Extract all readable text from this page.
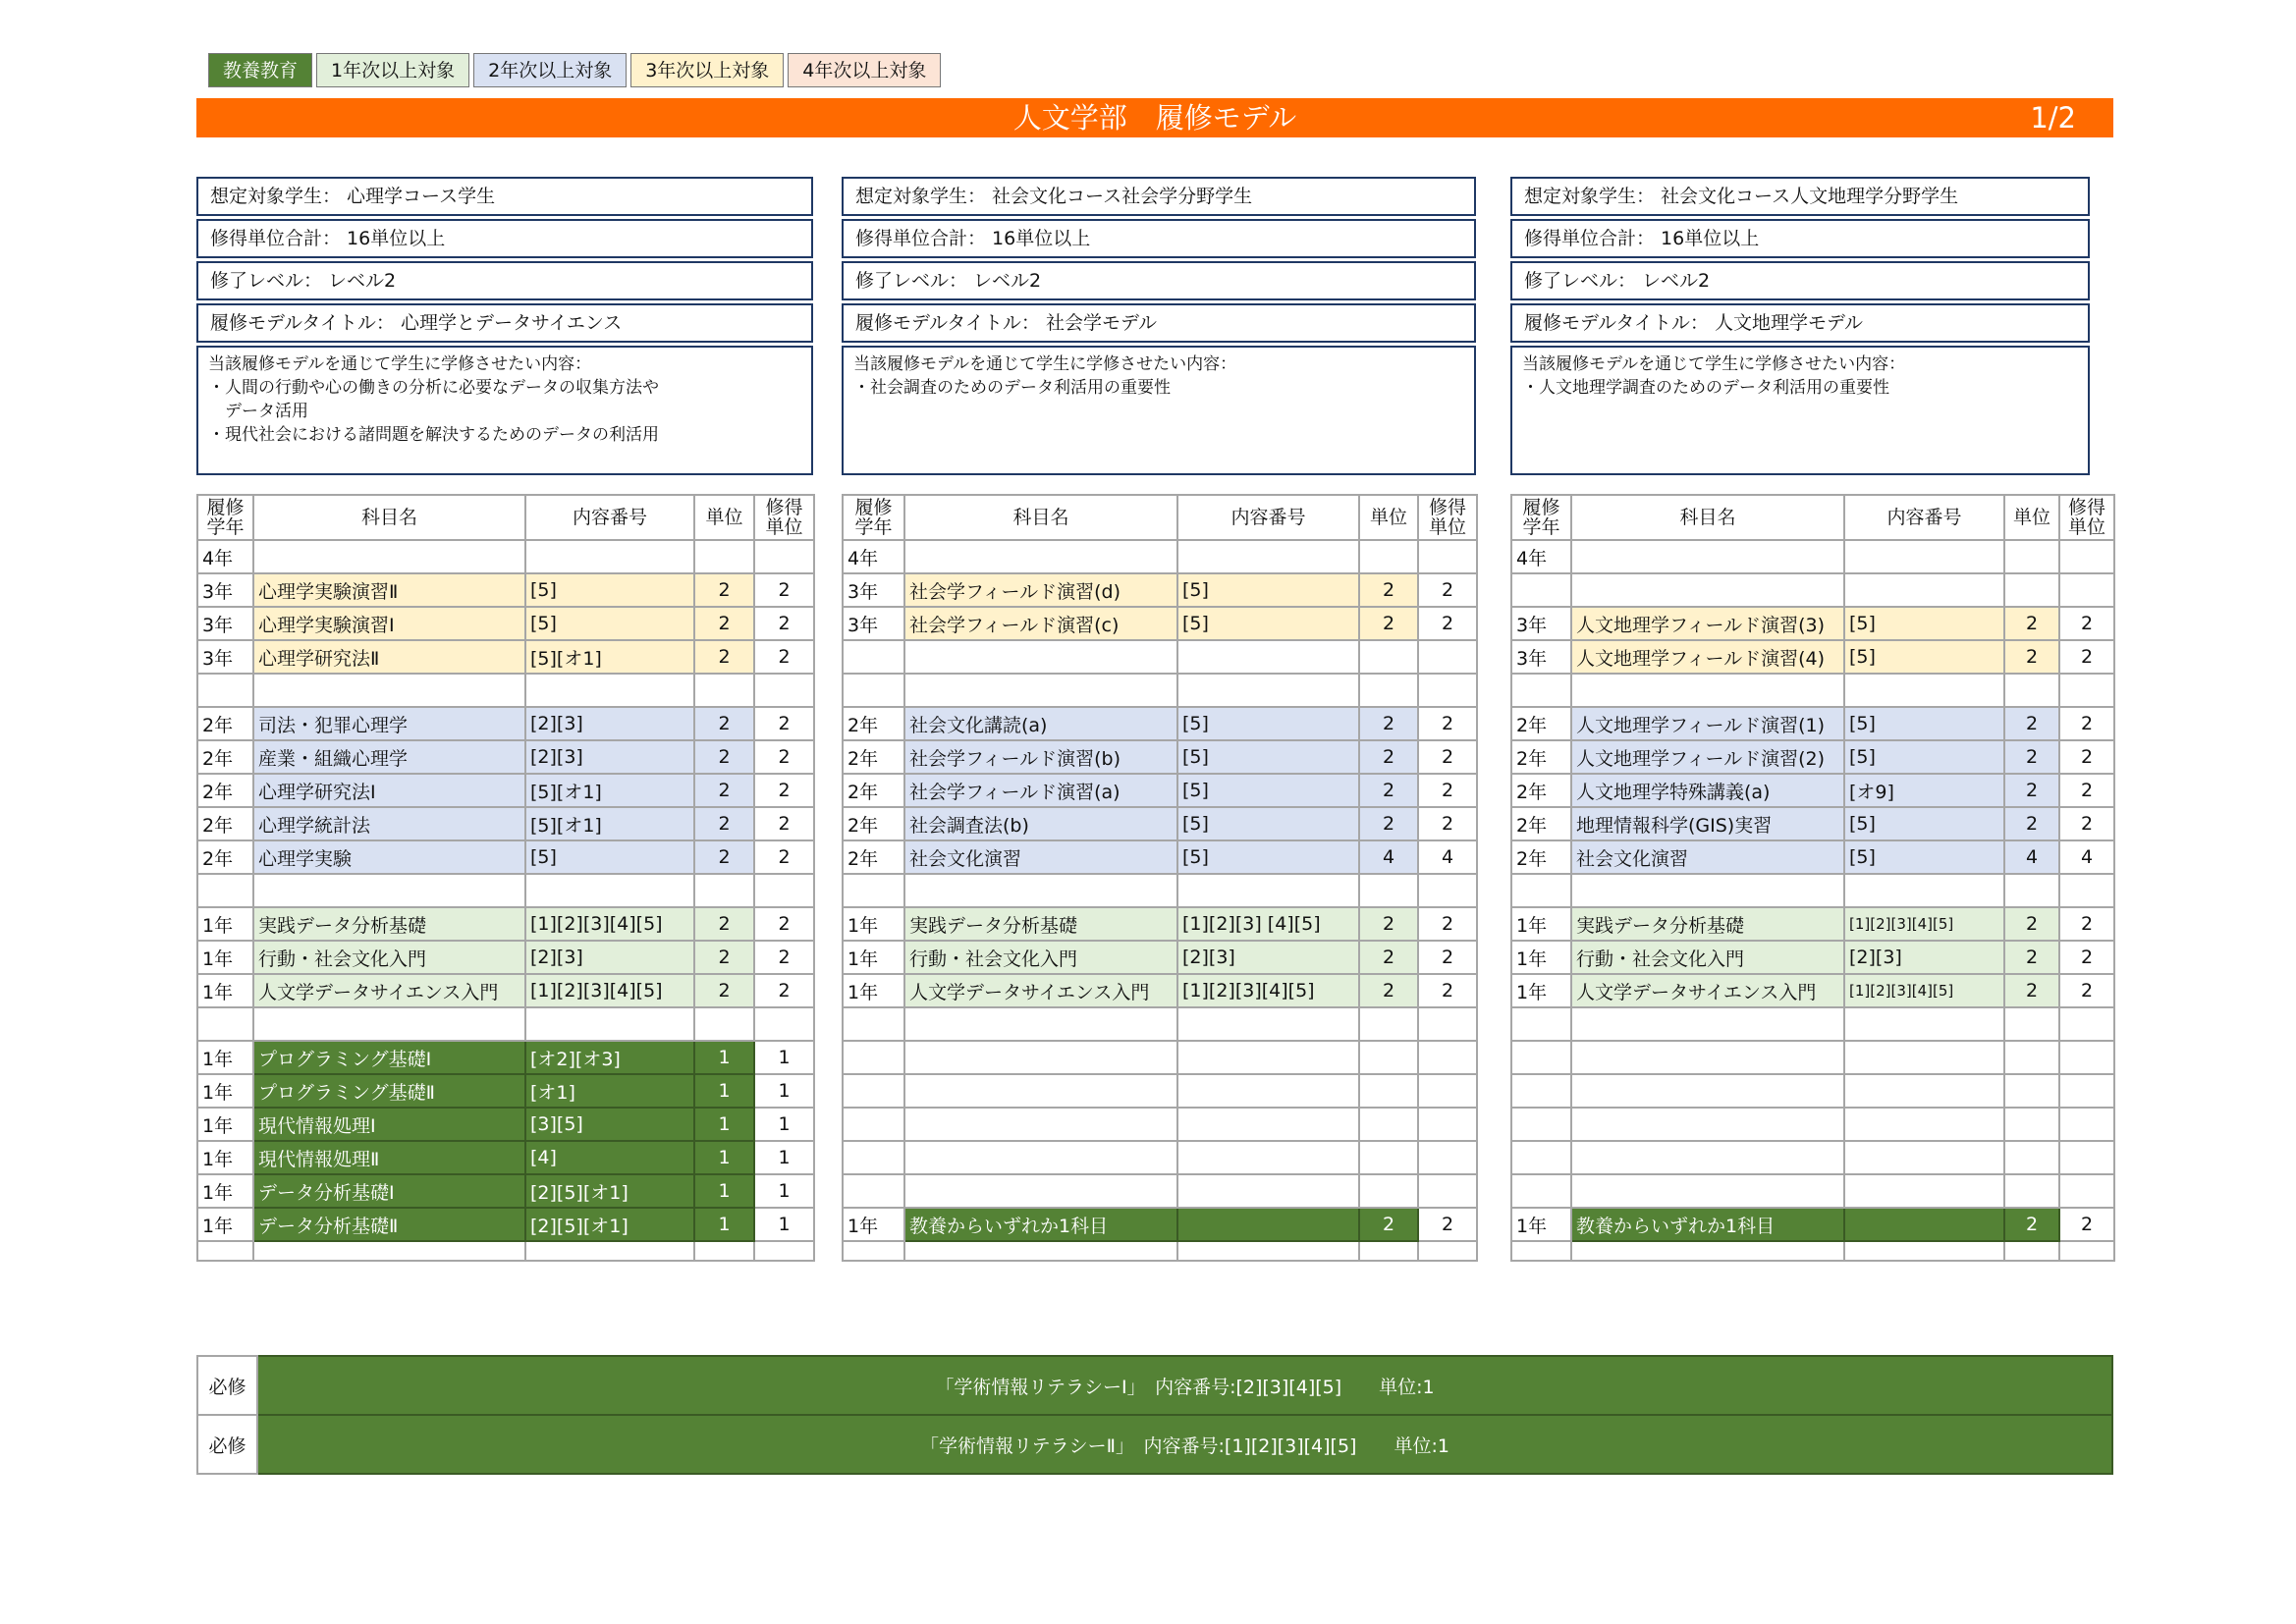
教養教育	1年次以上対象	2年次以上対象	3年次以上対象	4年次以上対象
人文学部　履修モデル	1/2
想定対象学生： 心理学コース学生
修得単位合計： 16単位以上
修了レベル： レベル2
履修モデルタイトル： 心理学とデータサイエンス
当該履修モデルを通じて学生に学修させたい内容：
・人間の行動や心の働きの分析に必要なデータの収集方法や
　データ活用
・現代社会における諸問題を解決するためのデータの利活用
想定対象学生： 社会文化コース社会学分野学生
修得単位合計： 16単位以上
修了レベル： レベル2
履修モデルタイトル： 社会学モデル
当該履修モデルを通じて学生に学修させたい内容：
・社会調査のためのデータ利活用の重要性
想定対象学生： 社会文化コース人文地理学分野学生
修得単位合計： 16単位以上
修了レベル： レベル2
履修モデルタイトル： 人文地理学モデル
当該履修モデルを通じて学生に学修させたい内容：
・人文地理学調査のためのデータ利活用の重要性
履修学年	科目名	内容番号	単位	修得単位
4年				
3年	心理学実験演習Ⅱ	[5]	2	2
3年	心理学実験演習Ⅰ	[5]	2	2
3年	心理学研究法Ⅱ	[5][オ1]	2	2

2年	司法・犯罪心理学	[2][3]	2	2
2年	産業・組織心理学	[2][3]	2	2
2年	心理学研究法Ⅰ	[5][オ1]	2	2
2年	心理学統計法	[5][オ1]	2	2
2年	心理学実験	[5]	2	2

1年	実践データ分析基礎	[1][2][3][4][5]	2	2
1年	行動・社会文化入門	[2][3]	2	2
1年	人文学データサイエンス入門	[1][2][3][4][5]	2	2

1年	プログラミング基礎Ⅰ	[オ2][オ3]	1	1
1年	プログラミング基礎Ⅱ	[オ1]	1	1
1年	現代情報処理Ⅰ	[3][5]	1	1
1年	現代情報処理Ⅱ	[4]	1	1
1年	データ分析基礎Ⅰ	[2][5][オ1]	1	1
1年	データ分析基礎Ⅱ	[2][5][オ1]	1	1

履修学年	科目名	内容番号	単位	修得単位
4年				
3年	社会学フィールド演習(d)	[5]	2	2
3年	社会学フィールド演習(c)	[5]	2	2

2年	社会文化講読(a)	[5]	2	2
2年	社会学フィールド演習(b)	[5]	2	2
2年	社会学フィールド演習(a)	[5]	2	2
2年	社会調査法(b)	[5]	2	2
2年	社会文化演習	[5]	4	4

1年	実践データ分析基礎	[1][2][3] [4][5]	2	2
1年	行動・社会文化入門	[2][3]	2	2
1年	人文学データサイエンス入門	[1][2][3][4][5]	2	2

1年	教養からいずれか1科目		2	2

履修学年	科目名	内容番号	単位	修得単位
4年				

3年	人文地理学フィールド演習(3)	[5]	2	2
3年	人文地理学フィールド演習(4)	[5]	2	2

2年	人文地理学フィールド演習(1)	[5]	2	2
2年	人文地理学フィールド演習(2)	[5]	2	2
2年	人文地理学特殊講義(a)	[オ9]	2	2
2年	地理情報科学(GIS)実習	[5]	2	2
2年	社会文化演習	[5]	4	4

1年	実践データ分析基礎	[1][2][3][4][5]	2	2
1年	行動・社会文化入門	[2][3]	2	2
1年	人文学データサイエンス入門	[1][2][3][4][5]	2	2

1年	教養からいずれか1科目		2	2

必修	「学術情報リテラシーⅠ」　内容番号:[2][3][4][5]　　単位:1
必修	「学術情報リテラシーⅡ」　内容番号:[1][2][3][4][5]　　単位:1
